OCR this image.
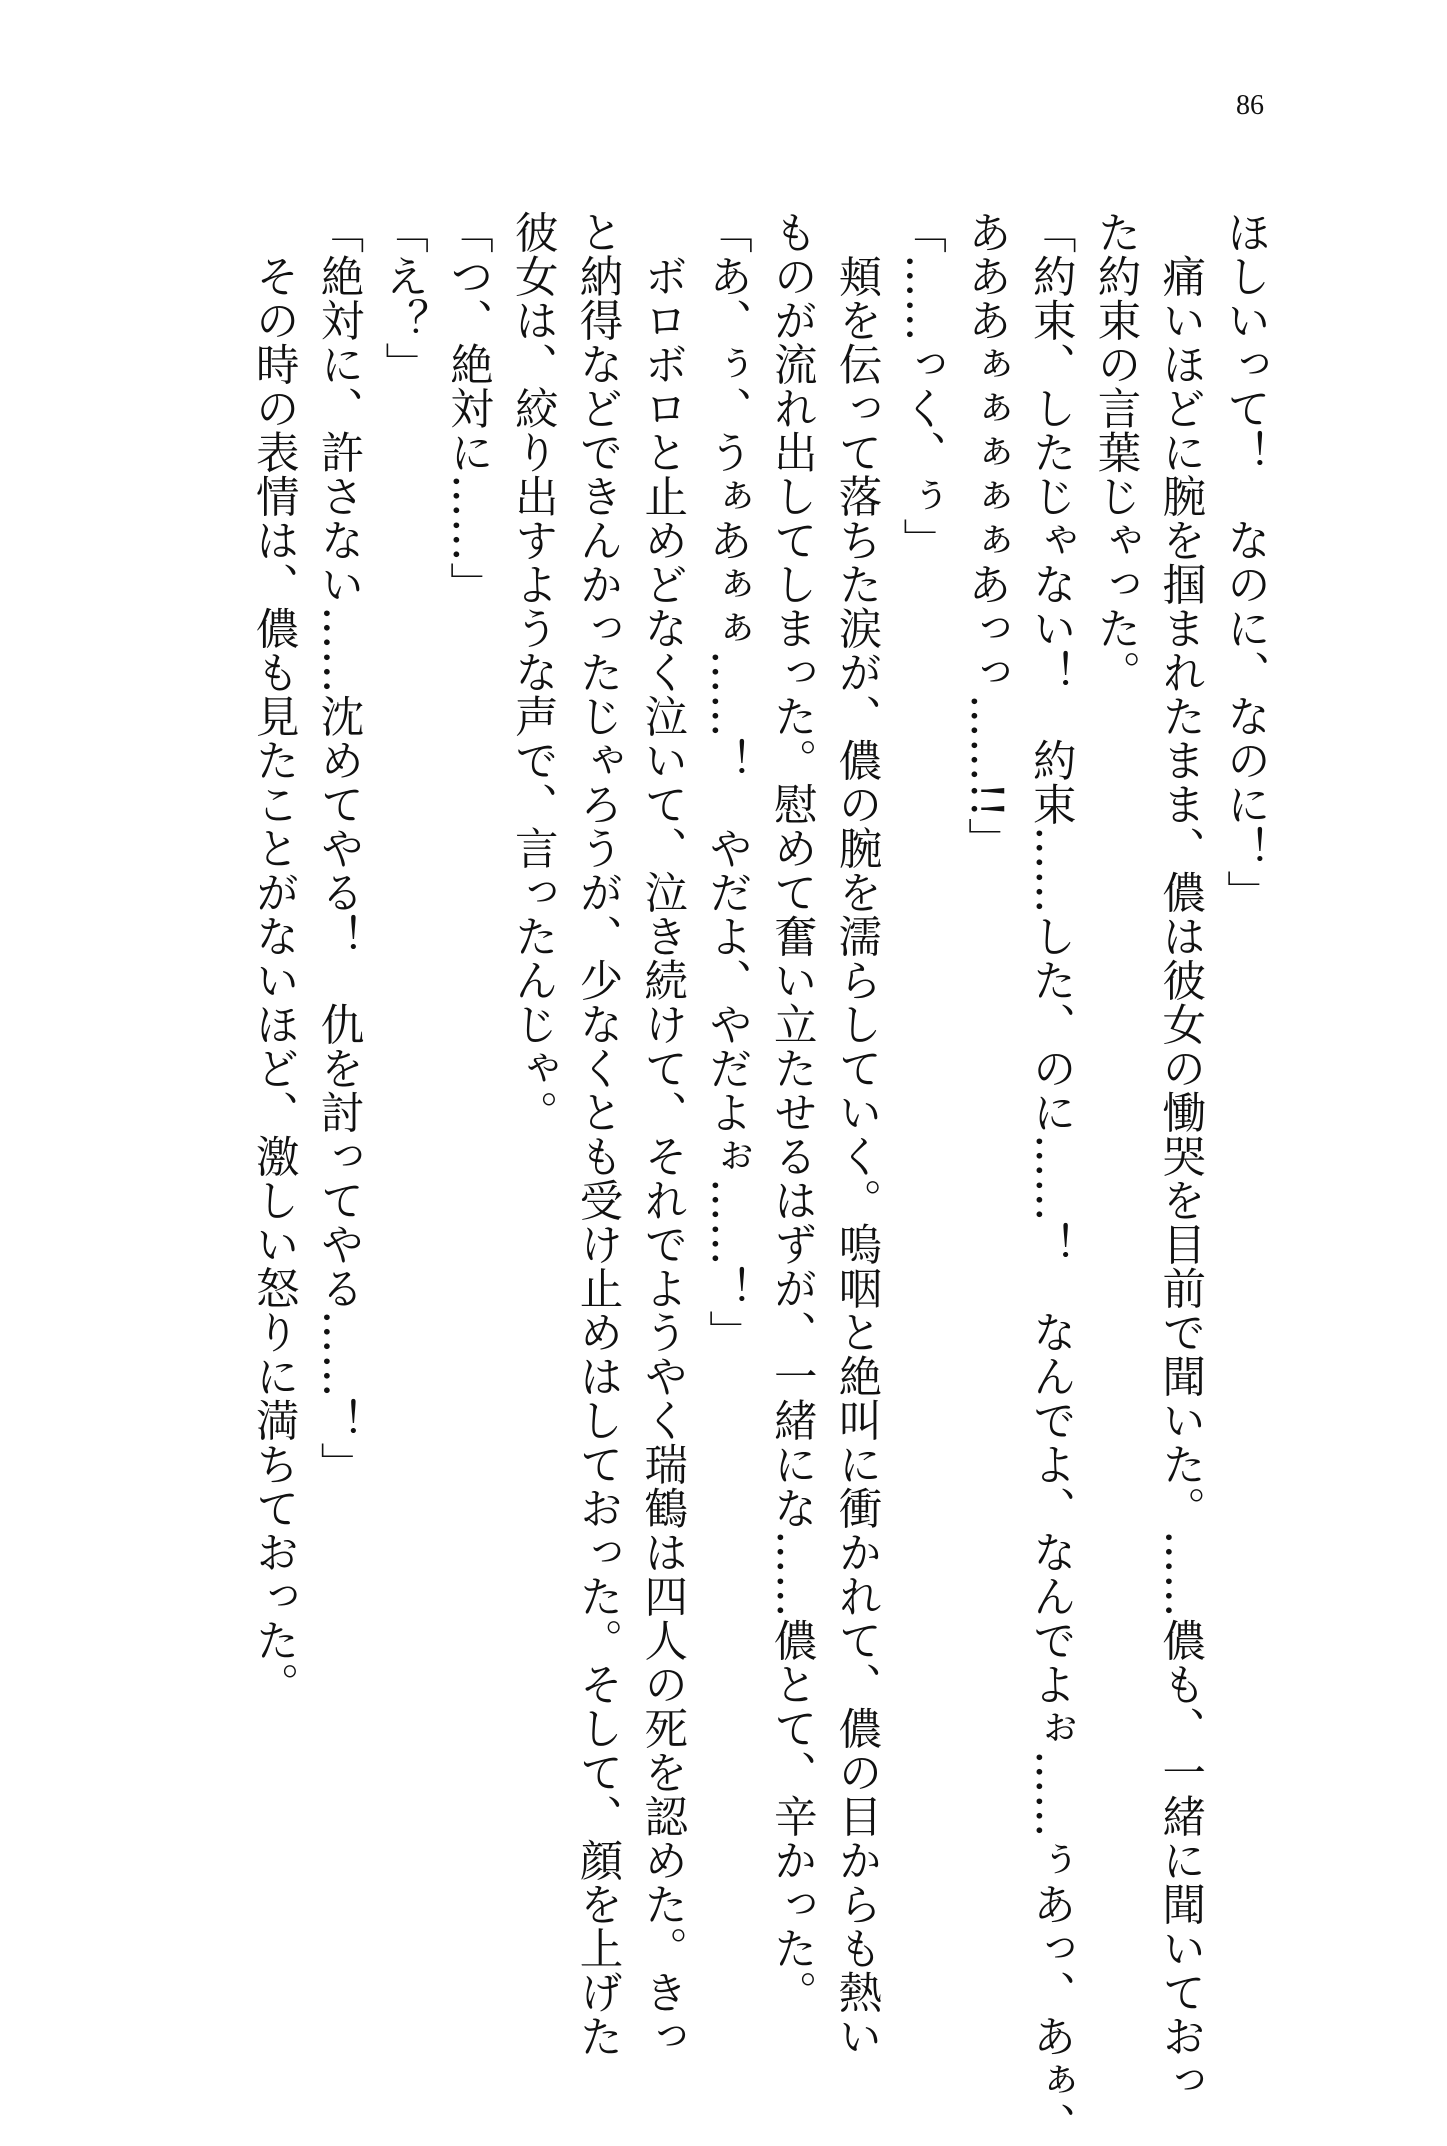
86
ほしいって！　なのに、なのに！」
　痛いほどに腕を掴まれたまま、儂は彼女の慟哭を目前で聞いた。……儂も、一緒に聞いておっ
た約束の言葉じゃった。
「約束、したじゃない！　約束……した、のに……！　なんでよ、なんでよぉ……ぅあっ、あぁ、
あああぁぁぁぁぁあっっ……!!」
「……っく、ぅ」
　頬を伝って落ちた涙が、儂の腕を濡らしていく。嗚咽と絶叫に衝かれて、儂の目からも熱い
ものが流れ出してしまった。慰めて奮い立たせるはずが、一緒にな……儂とて、辛かった。
「あ、ぅ、うぁあぁぁ……！　やだよ、やだよぉ……！」
　ボロボロと止めどなく泣いて、泣き続けて、それでようやく瑞鶴は四人の死を認めた。きっ
と納得などできんかったじゃろうが、少なくとも受け止めはしておった。そして、顔を上げた
彼女は、絞り出すような声で、言ったんじゃ。
「つ、絶対に……」
「え？」
「絶対に、許さない……沈めてやる！　仇を討ってやる……！」
　その時の表情は、儂も見たことがないほど、激しい怒りに満ちておった。
